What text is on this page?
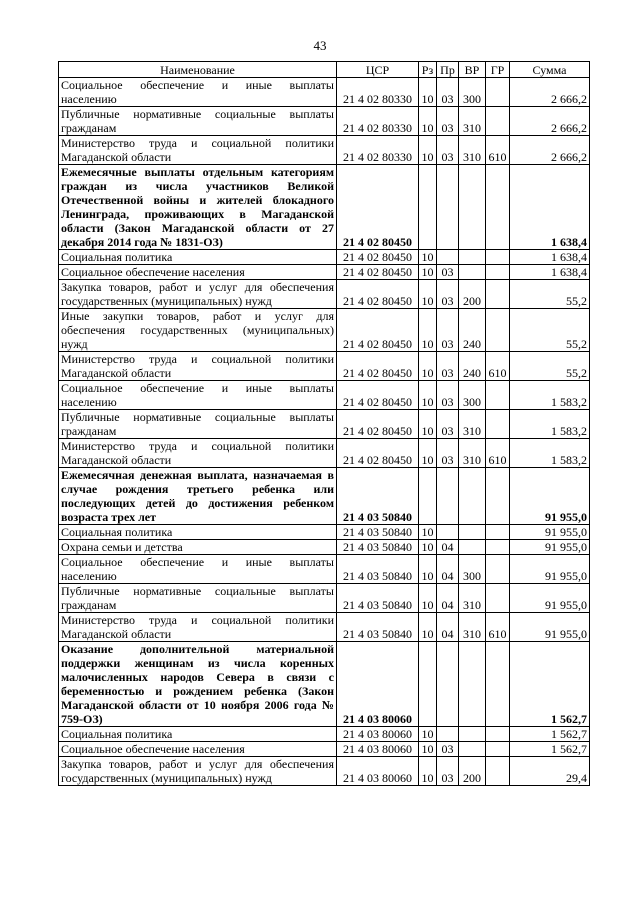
43
Наименование	ЦСР	Рз	Пр	ВР	ГР	Сумма
Социальное обеспечение и иные выплаты населению	21 4 02 80330	10	03	300		2 666,2
Публичные нормативные социальные выплаты гражданам	21 4 02 80330	10	03	310		2 666,2
Министерство труда и социальной политики Магаданской области	21 4 02 80330	10	03	310	610	2 666,2
Ежемесячные выплаты отдельным категориям граждан из числа участников Великой Отечественной войны и жителей блокадного Ленинграда, проживающих в Магаданской области (Закон Магаданской области от 27 декабря 2014 года № 1831-ОЗ)	21 4 02 80450					1 638,4
Социальная политика	21 4 02 80450	10				1 638,4
Социальное обеспечение населения	21 4 02 80450	10	03			1 638,4
Закупка товаров, работ и услуг для обеспечения государственных (муниципальных) нужд	21 4 02 80450	10	03	200		55,2
Иные закупки товаров, работ и услуг для обеспечения государственных (муниципальных) нужд	21 4 02 80450	10	03	240		55,2
Министерство труда и социальной политики Магаданской области	21 4 02 80450	10	03	240	610	55,2
Социальное обеспечение и иные выплаты населению	21 4 02 80450	10	03	300		1 583,2
Публичные нормативные социальные выплаты гражданам	21 4 02 80450	10	03	310		1 583,2
Министерство труда и социальной политики Магаданской области	21 4 02 80450	10	03	310	610	1 583,2
Ежемесячная денежная выплата, назначаемая в случае рождения третьего ребенка или последующих детей до достижения ребенком возраста трех лет	21 4 03 50840					91 955,0
Социальная политика	21 4 03 50840	10				91 955,0
Охрана семьи и детства	21 4 03 50840	10	04			91 955,0
Социальное обеспечение и иные выплаты населению	21 4 03 50840	10	04	300		91 955,0
Публичные нормативные социальные выплаты гражданам	21 4 03 50840	10	04	310		91 955,0
Министерство труда и социальной политики Магаданской области	21 4 03 50840	10	04	310	610	91 955,0
Оказание дополнительной материальной поддержки женщинам из числа коренных малочисленных народов Севера в связи с беременностью и рождением ребенка (Закон Магаданской области от 10 ноября 2006 года № 759-ОЗ)	21 4 03 80060					1 562,7
Социальная политика	21 4 03 80060	10				1 562,7
Социальное обеспечение населения	21 4 03 80060	10	03			1 562,7
Закупка товаров, работ и услуг для обеспечения государственных (муниципальных) нужд	21 4 03 80060	10	03	200		29,4
